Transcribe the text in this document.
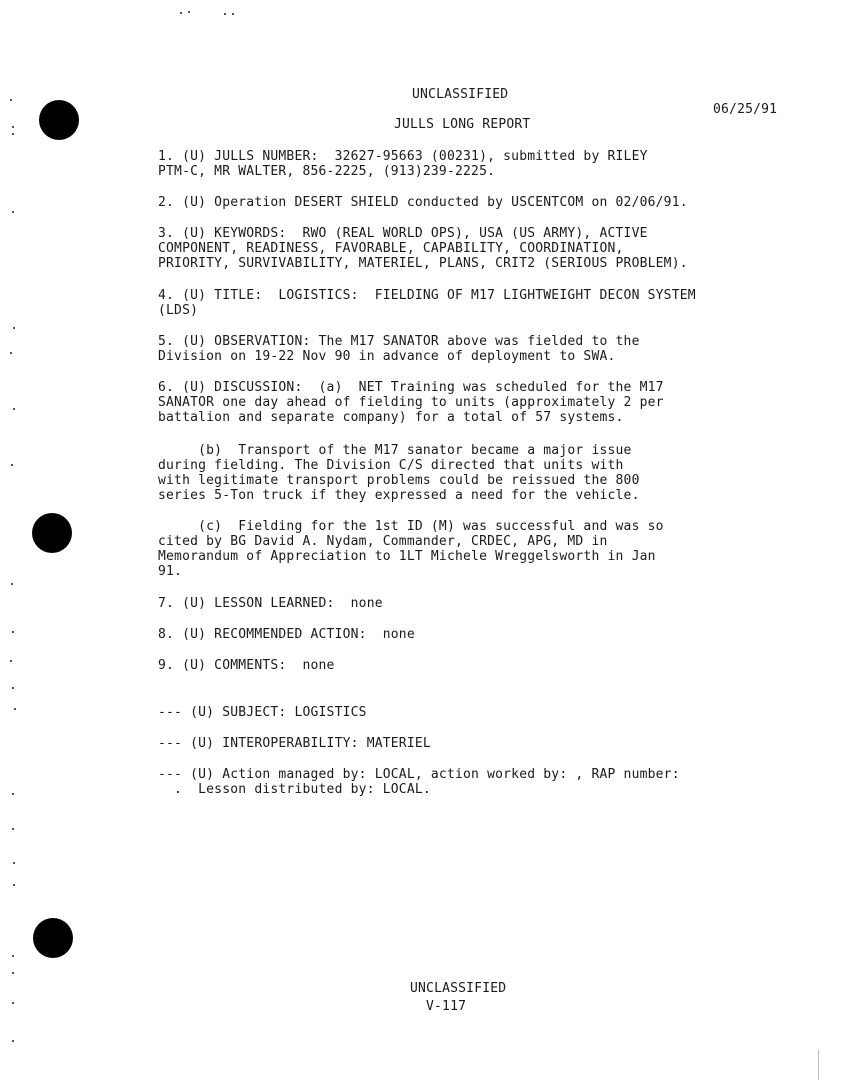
UNCLASSIFIED
06/25/91
JULLS LONG REPORT
1. (U) JULLS NUMBER:  32627-95663 (00231), submitted by RILEY
PTM-C, MR WALTER, 856-2225, (913)239-2225.
2. (U) Operation DESERT SHIELD conducted by USCENTCOM on 02/06/91.
3. (U) KEYWORDS:  RWO (REAL WORLD OPS), USA (US ARMY), ACTIVE
COMPONENT, READINESS, FAVORABLE, CAPABILITY, COORDINATION,
PRIORITY, SURVIVABILITY, MATERIEL, PLANS, CRIT2 (SERIOUS PROBLEM).
4. (U) TITLE:  LOGISTICS:  FIELDING OF M17 LIGHTWEIGHT DECON SYSTEM
(LDS)
5. (U) OBSERVATION: The M17 SANATOR above was fielded to the
Division on 19-22 Nov 90 in advance of deployment to SWA.
6. (U) DISCUSSION:  (a)  NET Training was scheduled for the M17
SANATOR one day ahead of fielding to units (approximately 2 per
battalion and separate company) for a total of 57 systems.
(b)  Transport of the M17 sanator became a major issue
during fielding. The Division C/S directed that units with
with legitimate transport problems could be reissued the 800
series 5-Ton truck if they expressed a need for the vehicle.
(c)  Fielding for the 1st ID (M) was successful and was so
cited by BG David A. Nydam, Commander, CRDEC, APG, MD in
Memorandum of Appreciation to 1LT Michele Wreggelsworth in Jan
91.
7. (U) LESSON LEARNED:  none
8. (U) RECOMMENDED ACTION:  none
9. (U) COMMENTS:  none
--- (U) SUBJECT: LOGISTICS
--- (U) INTEROPERABILITY: MATERIEL
--- (U) Action managed by: LOCAL, action worked by: , RAP number:
.  Lesson distributed by: LOCAL.
UNCLASSIFIED
V-117
